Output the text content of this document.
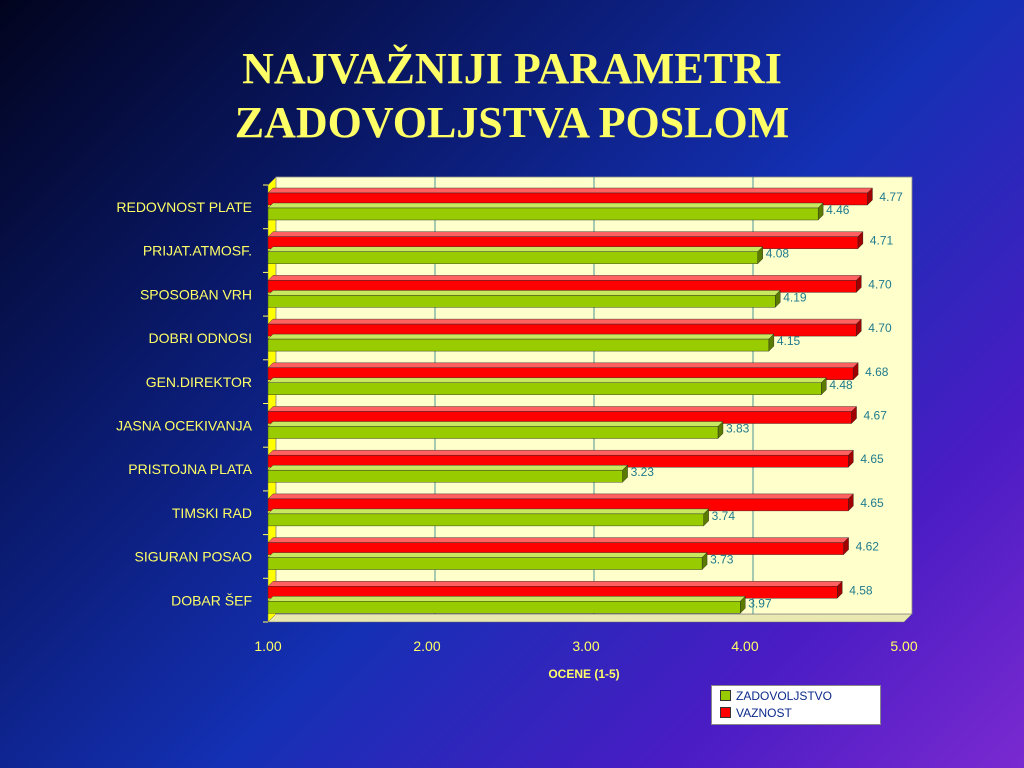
NAJVAŽNIJI PARAMETRI
ZADOVOLJSTVA POSLOM
4.77
4.46
4.71
4.08
4.70
4.19
4.70
4.15
4.68
4.48
4.67
3.83
4.65
3.23
4.65
3.74
4.62
3.73
4.58
3.97
REDOVNOST PLATE
PRIJAT.ATMOSF.
SPOSOBAN VRH
DOBRI ODNOSI
GEN.DIREKTOR
JASNA OCEKIVANJA
PRISTOJNA PLATA
TIMSKI RAD
SIGURAN POSAO
DOBAR ŠEF
1.00	2.00	3.00	4.00	5.00
OCENE (1-5)
ZADOVOLJSTVO
VAZNOST
